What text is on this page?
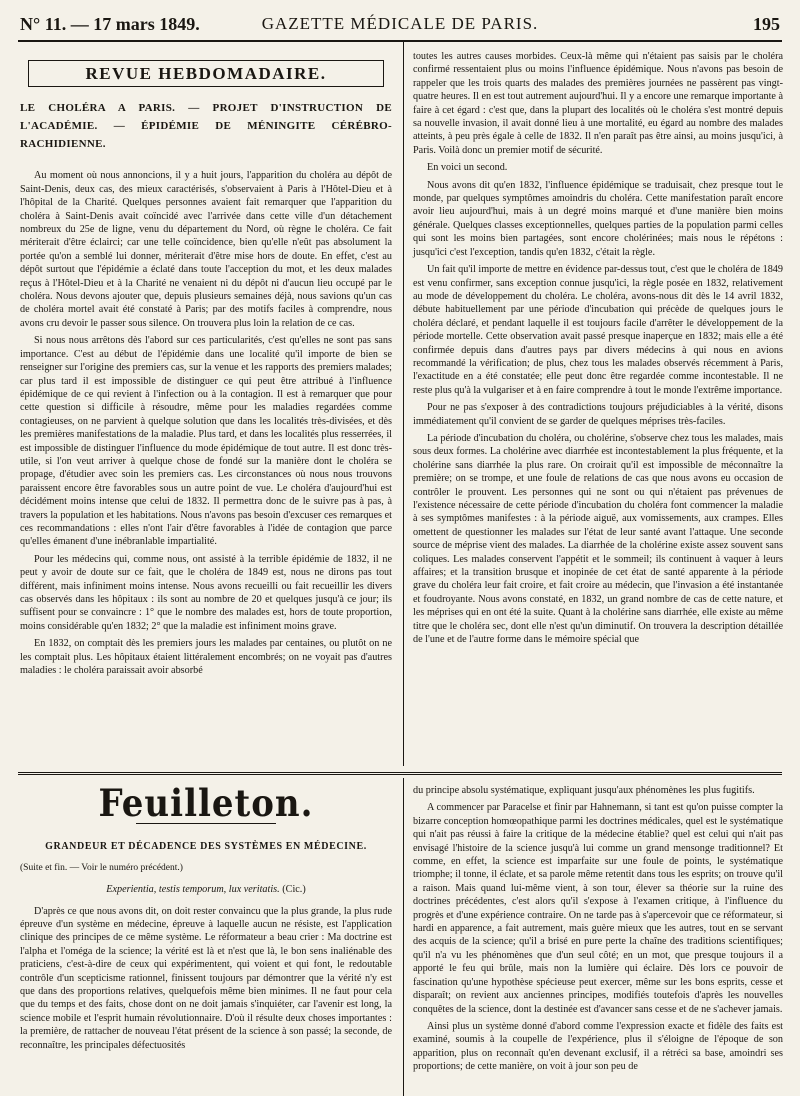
N° 11. — 17 mars 1849.	GAZETTE MÉDICALE DE PARIS.	195
REVUE HEBDOMADAIRE.

LE CHOLÉRA A PARIS. — PROJET D'INSTRUCTION DE L'ACADÉMIE. — ÉPIDÉMIE DE MÉNINGITE CÉRÉBRO-RACHIDIENNE.

Au moment où nous annoncions, il y a huit jours, l'apparition du choléra au dépôt de Saint-Denis, deux cas, des mieux caractérisés, s'observaient à Paris à l'Hôtel-Dieu et à l'hôpital de la Charité. Quelques personnes avaient fait remarquer que l'apparition du choléra à Saint-Denis avait coïncidé avec l'arrivée dans cette ville d'un détachement nombreux du 25e de ligne, venu du département du Nord, où règne le choléra. Ce fait mériterait d'être éclairci; car une telle coïncidence, bien qu'elle n'eût pas absolument la portée qu'on a semblé lui donner, mériterait d'être mise hors de doute. En effet, c'est au dépôt surtout que l'épidémie a éclaté dans toute l'acception du mot, et les deux malades reçus à l'Hôtel-Dieu et à la Charité ne venaient ni du dépôt ni d'aucun lieu occupé par le choléra. Nous devons ajouter que, depuis plusieurs semaines déjà, nous savions qu'un cas de choléra mortel avait été constaté à Paris; par des motifs faciles à comprendre, nous avons cru devoir le passer sous silence. On trouvera plus loin la relation de ce cas.

Si nous nous arrêtons dès l'abord sur ces particularités, c'est qu'elles ne sont pas sans importance. C'est au début de l'épidémie dans une localité qu'il importe de bien se renseigner sur l'origine des premiers cas, sur la venue et les rapports des premiers malades; car plus tard il est impossible de distinguer ce qui peut être attribué à l'influence épidémique de ce qui revient à l'infection ou à la contagion. Il est à remarquer que pour cette question si difficile à résoudre, même pour les maladies regardées comme contagieuses, on ne parvient à quelque solution que dans les localités très-divisées, et dès les premières manifestations de la maladie. Plus tard, et dans les localités plus resserrées, il est impossible de distinguer l'influence du mode épidémique de tout autre. Il est donc très-utile, si l'on veut arriver à quelque chose de fondé sur la manière dont le choléra se propage, d'étudier avec soin les premiers cas. Les circonstances où nous nous trouvons paraissent encore être favorables sous un autre point de vue. Le choléra d'aujourd'hui est décidément moins intense que celui de 1832. Il permettra donc de le suivre pas à pas, à travers la population et les habitations. Nous n'avons pas besoin d'excuser ces remarques et ces recommandations : elles n'ont l'air d'être favorables à l'idée de contagion que parce qu'elles émanent d'une inébranlable impartialité.

Pour les médecins qui, comme nous, ont assisté à la terrible épidémie de 1832, il ne peut y avoir de doute sur ce fait, que le choléra de 1849 est, nous ne dirons pas tout différent, mais infiniment moins intense. Nous avons recueilli ou fait recueillir les divers cas observés dans les hôpitaux : ils sont au nombre de 20 et quelques jusqu'à ce jour; ils suffisent pour se convaincre : 1° que le nombre des malades est, hors de toute proportion, moins considérable qu'en 1832; 2° que la maladie est infiniment moins grave.

En 1832, on comptait dès les premiers jours les malades par centaines, ou plutôt on ne les comptait plus. Les hôpitaux étaient littéralement encombrés; on ne voyait pas d'autres maladies : le choléra paraissait avoir absorbé

toutes les autres causes morbides. Ceux-là même qui n'étaient pas saisis par le choléra confirmé ressentaient plus ou moins l'influence épidémique. Nous n'avons pas besoin de rappeler que les trois quarts des malades des premières journées ne passèrent pas vingt-quatre heures. Il en est tout autrement aujourd'hui. Il y a encore une remarque importante à faire à cet égard : c'est que, dans la plupart des localités où le choléra s'est montré depuis sa nouvelle invasion, il avait donné lieu à une mortalité, eu égard au nombre des malades atteints, à peu près égale à celle de 1832. Il n'en paraît pas être ainsi, au moins jusqu'ici, à Paris. Voilà donc un premier motif de sécurité.

En voici un second.

Nous avons dit qu'en 1832, l'influence épidémique se traduisait, chez presque tout le monde, par quelques symptômes amoindris du choléra. Cette manifestation paraît encore avoir lieu aujourd'hui, mais à un degré moins marqué et d'une manière bien moins générale. Quelques classes exceptionnelles, quelques parties de la population parmi celles qui sont les moins bien partagées, sont encore cholérinées; mais nous le répétons : jusqu'ici c'est l'exception, tandis qu'en 1832, c'était la règle.

Un fait qu'il importe de mettre en évidence par-dessus tout, c'est que le choléra de 1849 est venu confirmer, sans exception connue jusqu'ici, la règle posée en 1832, relativement au mode de développement du choléra. Le choléra, avons-nous dit dès le 14 avril 1832, débute habituellement par une période d'incubation qui précède de quelques jours le choléra déclaré, et pendant laquelle il est toujours facile d'arrêter le développement de la période mortelle. Cette observation avait passé presque inaperçue en 1832; mais elle a été confirmée depuis dans d'autres pays par divers médecins à qui nous en avions recommandé la vérification; de plus, chez tous les malades observés récemment à Paris, l'exactitude en a été constatée; elle peut donc être regardée comme incontestable. Il ne reste plus qu'à la vulgariser et à en faire comprendre à tout le monde l'extrême importance.

Pour ne pas s'exposer à des contradictions toujours préjudiciables à la vérité, disons immédiatement qu'il convient de se garder de quelques méprises très-faciles.

La période d'incubation du choléra, ou cholérine, s'observe chez tous les malades, mais sous deux formes. La cholérine avec diarrhée est incontestablement la plus fréquente, et la cholérine sans diarrhée la plus rare. On croirait qu'il est impossible de méconnaître la première; on se trompe, et une foule de relations de cas que nous avons eu occasion de contrôler le prouvent. Les personnes qui ne sont ou qui n'étaient pas prévenues de l'existence nécessaire de cette période d'incubation du choléra font commencer la maladie à ses symptômes manifestes : à la période aiguë, aux vomissements, aux crampes. Elles omettent de questionner les malades sur l'état de leur santé avant l'attaque. Une seconde source de méprise vient des malades. La diarrhée de la cholérine existe assez souvent sans coliques. Les malades conservent l'appétit et le sommeil; ils continuent à vaquer à leurs affaires; et la transition brusque et inopinée de cet état de santé apparente à la période grave du choléra leur fait croire, et fait croire au médecin, que l'invasion a été instantanée et foudroyante. Nous avons constaté, en 1832, un grand nombre de cas de cette nature, et les méprises qui en ont été la suite. Quant à la cholérine sans diarrhée, elle existe au même titre que le choléra sec, dont elle n'est qu'un diminutif. On trouvera la description détaillée de l'une et de l'autre forme dans le mémoire spécial que

Feuilleton.

GRANDEUR ET DÉCADENCE DES SYSTÈMES EN MÉDECINE.

(Suite et fin. — Voir le numéro précédent.)

Experientia, testis temporum, lux veritatis. (Cic.)

D'après ce que nous avons dit, on doit rester convaincu que la plus grande, la plus rude épreuve d'un système en médecine, épreuve à laquelle aucun ne résiste, est l'application clinique des principes de ce même système. Le réformateur a beau crier : Ma doctrine est l'alpha et l'oméga de la science; la vérité est là et n'est que là, le bon sens inaliénable des praticiens, c'est-à-dire de ceux qui expérimentent, qui voient et qui font, le redoutable contrôle d'un scepticisme rationnel, finissent toujours par démontrer que la vérité n'y est que dans des proportions relatives, quelquefois même bien minimes. Il ne faut pour cela que du temps et des faits, chose dont on ne doit jamais s'inquiéter, car l'avenir est long, la science mobile et l'esprit humain révolutionnaire. D'où il résulte deux choses importantes : la première, de rattacher de nouveau l'état présent de la science à son passé; la seconde, de reconnaître, les principales défectuosités

du principe absolu systématique, expliquant jusqu'aux phénomènes les plus fugitifs.

A commencer par Paracelse et finir par Hahnemann, si tant est qu'on puisse compter la bizarre conception homœopathique parmi les doctrines médicales, quel est le systématique qui n'ait pas réussi à faire la critique de la médecine établie? quel est celui qui n'ait pas envisagé l'histoire de la science jusqu'à lui comme un grand mensonge traditionnel? Et comme, en effet, la science est imparfaite sur une foule de points, le systématique triomphe; il tonne, il éclate, et sa parole même retentit dans tous les esprits; on trouve qu'il a raison. Mais quand lui-même vient, à son tour, élever sa théorie sur la ruine des doctrines précédentes, c'est alors qu'il s'expose à l'examen critique, à l'influence du progrès et d'une expérience contraire. On ne tarde pas à s'apercevoir que ce réformateur, si hardi en apparence, a fait autrement, mais guère mieux que les autres, tout en se servant des acquis de la science; qu'il a brisé en pure perte la chaîne des traditions scientifiques; qu'il n'a vu les phénomènes que d'un seul côté; en un mot, que presque toujours il a apporté le feu qui brûle, mais non la lumière qui éclaire. Dès lors ce pouvoir de fascination qu'une hypothèse spécieuse peut exercer, même sur les bons esprits, cesse et disparaît; on revient aux anciennes principes, modifiés toutefois d'après les nouvelles conquêtes de la science, dont la destinée est d'avancer sans cesse et de ne s'achever jamais.

Ainsi plus un système donné d'abord comme l'expression exacte et fidèle des faits est examiné, soumis à la coupelle de l'expérience, plus il s'éloigne de l'époque de son apparition, plus on reconnaît qu'en devenant exclusif, il a rétréci sa base, amoindri ses proportions; de cette manière, on voit à jour son peu de
